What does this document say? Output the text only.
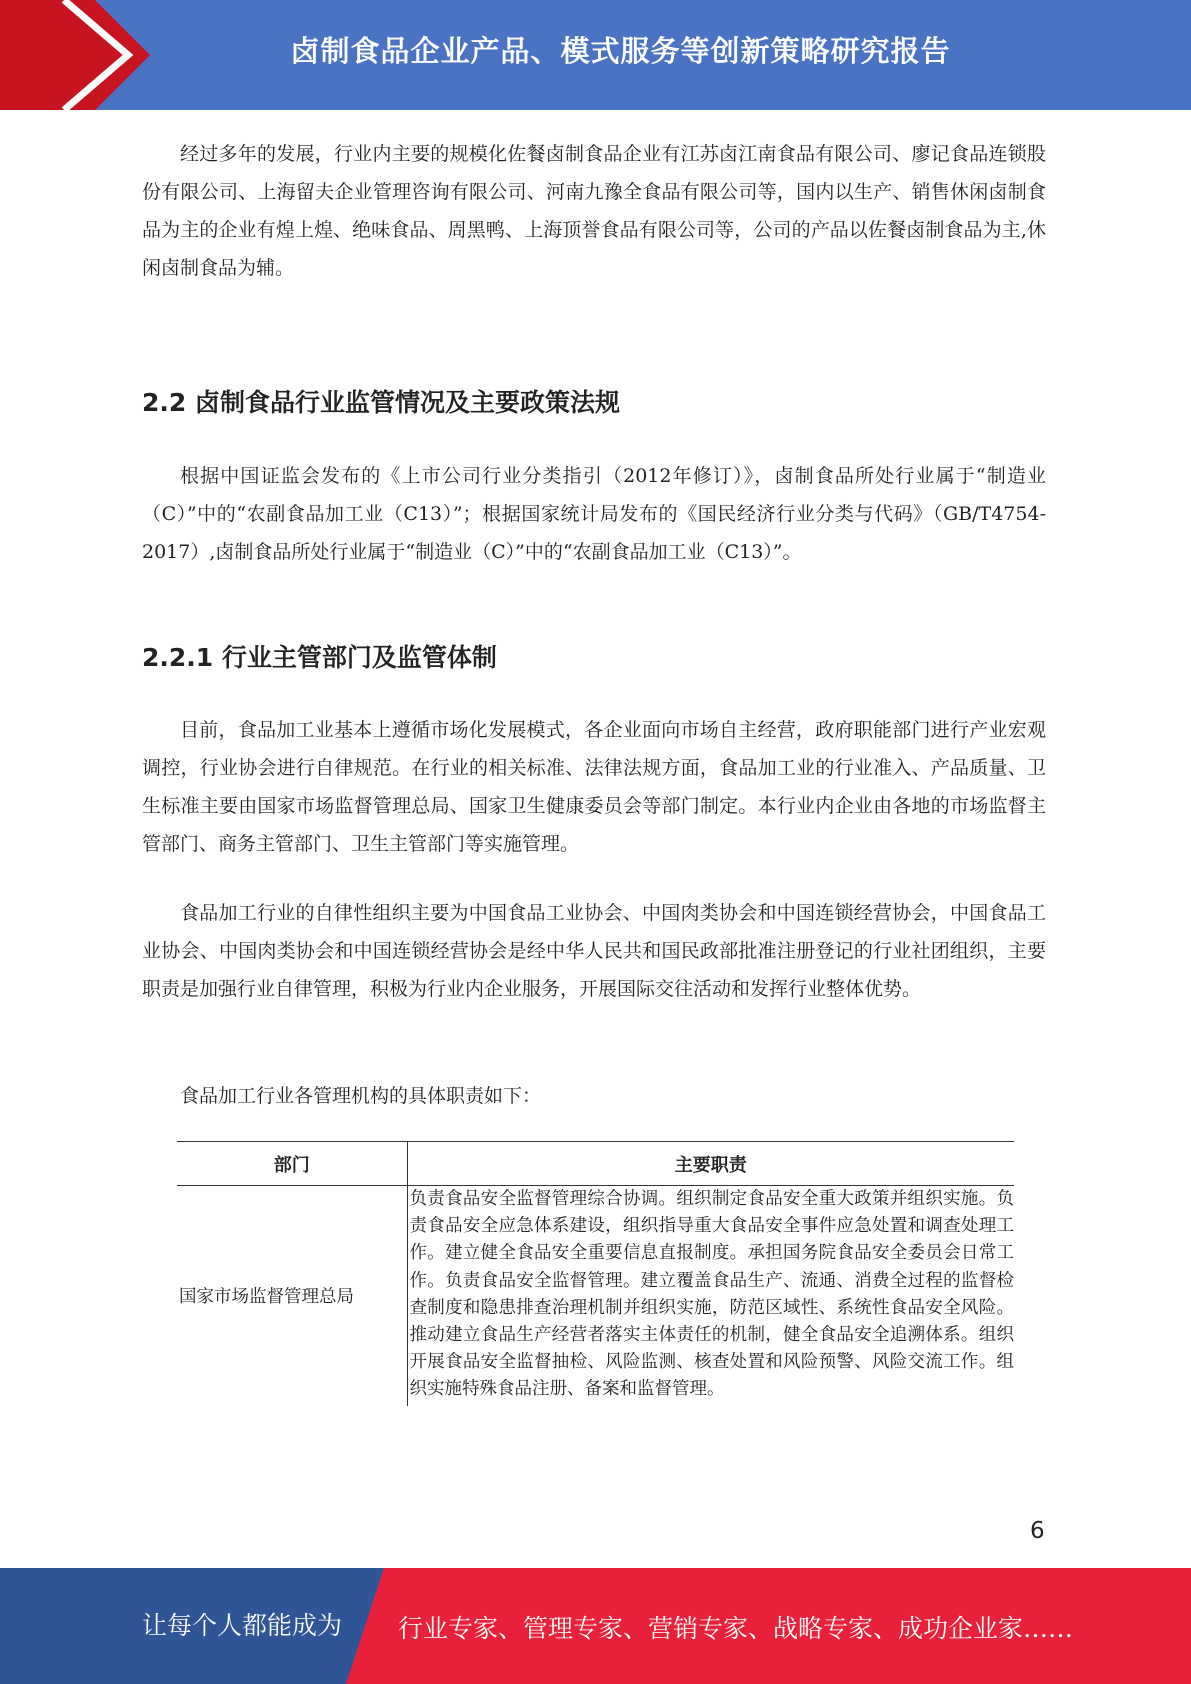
卤制食品企业产品、模式服务等创新策略研究报告

经过多年的发展，行业内主要的规模化佐餐卤制食品企业有江苏卤江南食品有限公司、廖记食品连锁股份有限公司、上海留夫企业管理咨询有限公司、河南九豫全食品有限公司等，国内以生产、销售休闲卤制食品为主的企业有煌上煌、绝味食品、周黑鸭、上海顶誉食品有限公司等，公司的产品以佐餐卤制食品为主,休闲卤制食品为辅。

2.2 卤制食品行业监管情况及主要政策法规

根据中国证监会发布的《上市公司行业分类指引（2012年修订）》，卤制食品所处行业属于“制造业（C）”中的“农副食品加工业（C13）”；根据国家统计局发布的《国民经济行业分类与代码》（GB/T4754-2017）,卤制食品所处行业属于“制造业（C）”中的“农副食品加工业（C13）”。

2.2.1 行业主管部门及监管体制

目前，食品加工业基本上遵循市场化发展模式，各企业面向市场自主经营，政府职能部门进行产业宏观调控，行业协会进行自律规范。在行业的相关标准、法律法规方面，食品加工业的行业准入、产品质量、卫生标准主要由国家市场监督管理总局、国家卫生健康委员会等部门制定。本行业内企业由各地的市场监督主管部门、商务主管部门、卫生主管部门等实施管理。

食品加工行业的自律性组织主要为中国食品工业协会、中国肉类协会和中国连锁经营协会，中国食品工业协会、中国肉类协会和中国连锁经营协会是经中华人民共和国民政部批准注册登记的行业社团组织，主要职责是加强行业自律管理，积极为行业内企业服务，开展国际交往活动和发挥行业整体优势。

食品加工行业各管理机构的具体职责如下：

部门	主要职责
国家市场监督管理总局	负责食品安全监督管理综合协调。组织制定食品安全重大政策并组织实施。负责食品安全应急体系建设，组织指导重大食品安全事件应急处置和调查处理工作。建立健全食品安全重要信息直报制度。承担国务院食品安全委员会日常工作。负责食品安全监督管理。建立覆盖食品生产、流通、消费全过程的监督检查制度和隐患排查治理机制并组织实施，防范区域性、系统性食品安全风险。推动建立食品生产经营者落实主体责任的机制，健全食品安全追溯体系。组织开展食品安全监督抽检、风险监测、核查处置和风险预警、风险交流工作。组织实施特殊食品注册、备案和监督管理。
6
让每个人都能成为 行业专家、管理专家、营销专家、战略专家、成功企业家……
